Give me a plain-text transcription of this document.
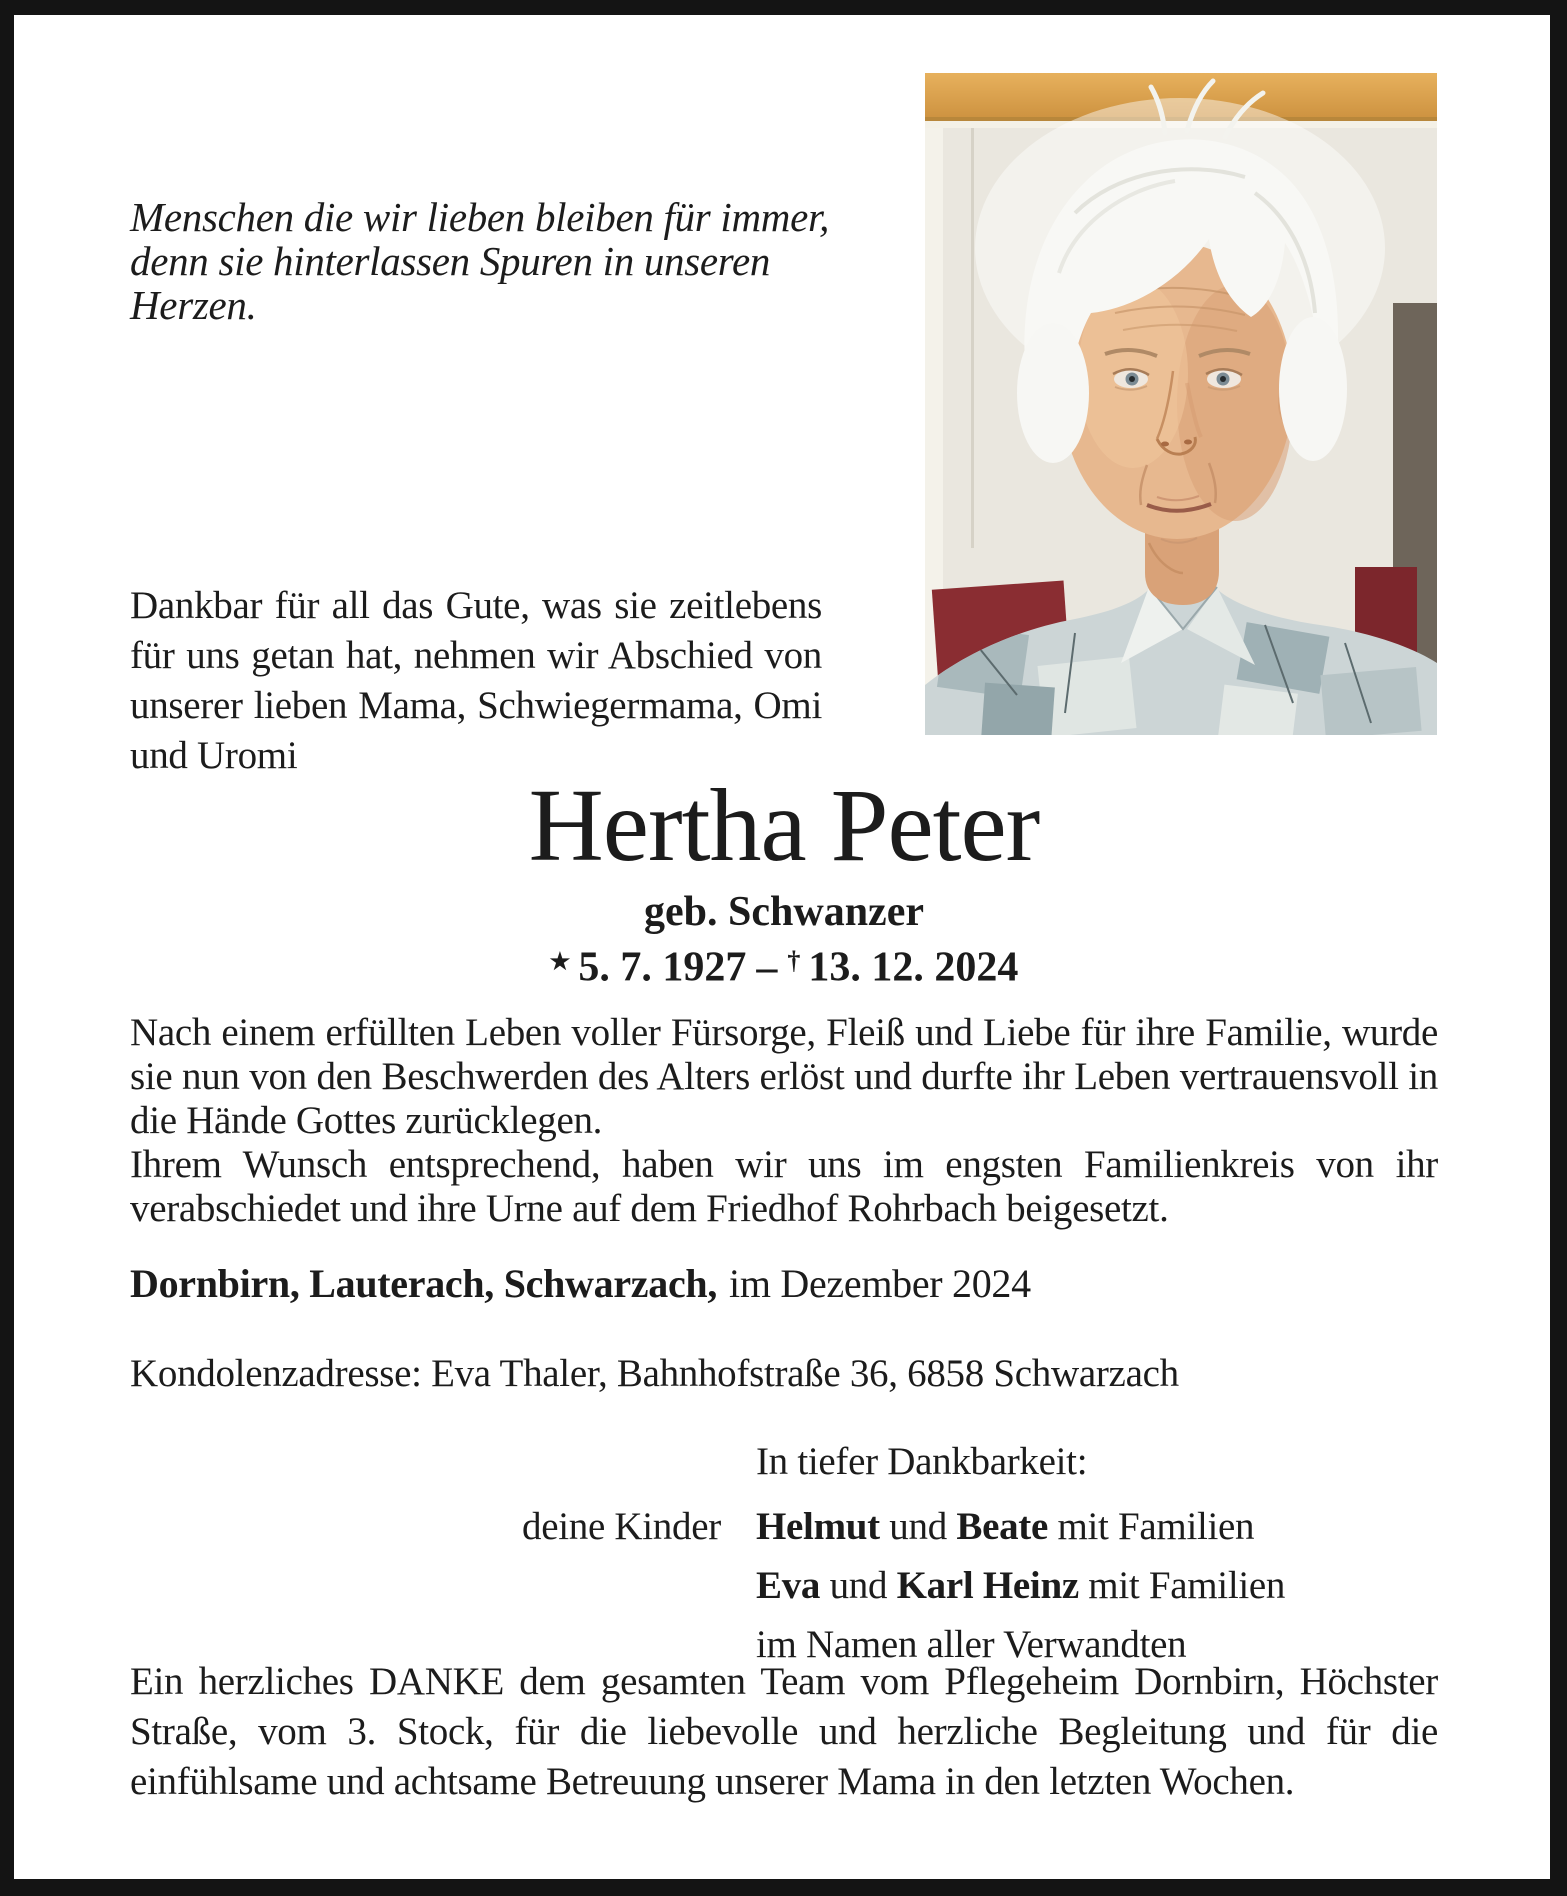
Menschen die wir lieben bleiben für immer,
denn sie hinterlassen Spuren in unseren
Herzen.

Dankbar für all das Gute, was sie zeitlebens für uns getan hat, nehmen wir Abschied von unserer lieben Mama, Schwiegermama, Omi und Uromi

Hertha Peter
geb. Schwanzer
★ 5. 7. 1927 – † 13. 12. 2024

Nach einem erfüllten Leben voller Fürsorge, Fleiß und Liebe für ihre Familie, wurde sie nun von den Beschwerden des Alters erlöst und durfte ihr Leben vertrauensvoll in die Hände Gottes zurücklegen.

Ihrem Wunsch entsprechend, haben wir uns im engsten Familienkreis von ihr verabschiedet und ihre Urne auf dem Friedhof Rohrbach beigesetzt.

Dornbirn, Lauterach, Schwarzach, im Dezember 2024

Kondolenzadresse: Eva Thaler, Bahnhofstraße 36, 6858 Schwarzach

In tiefer Dankbarkeit:
deine Kinder Helmut und Beate mit Familien
Eva und Karl Heinz mit Familien
im Namen aller Verwandten

Ein herzliches DANKE dem gesamten Team vom Pflegeheim Dornbirn, Höchster Straße, vom 3. Stock, für die liebevolle und herzliche Begleitung und für die einfühlsame und achtsame Betreuung unserer Mama in den letzten Wochen.
